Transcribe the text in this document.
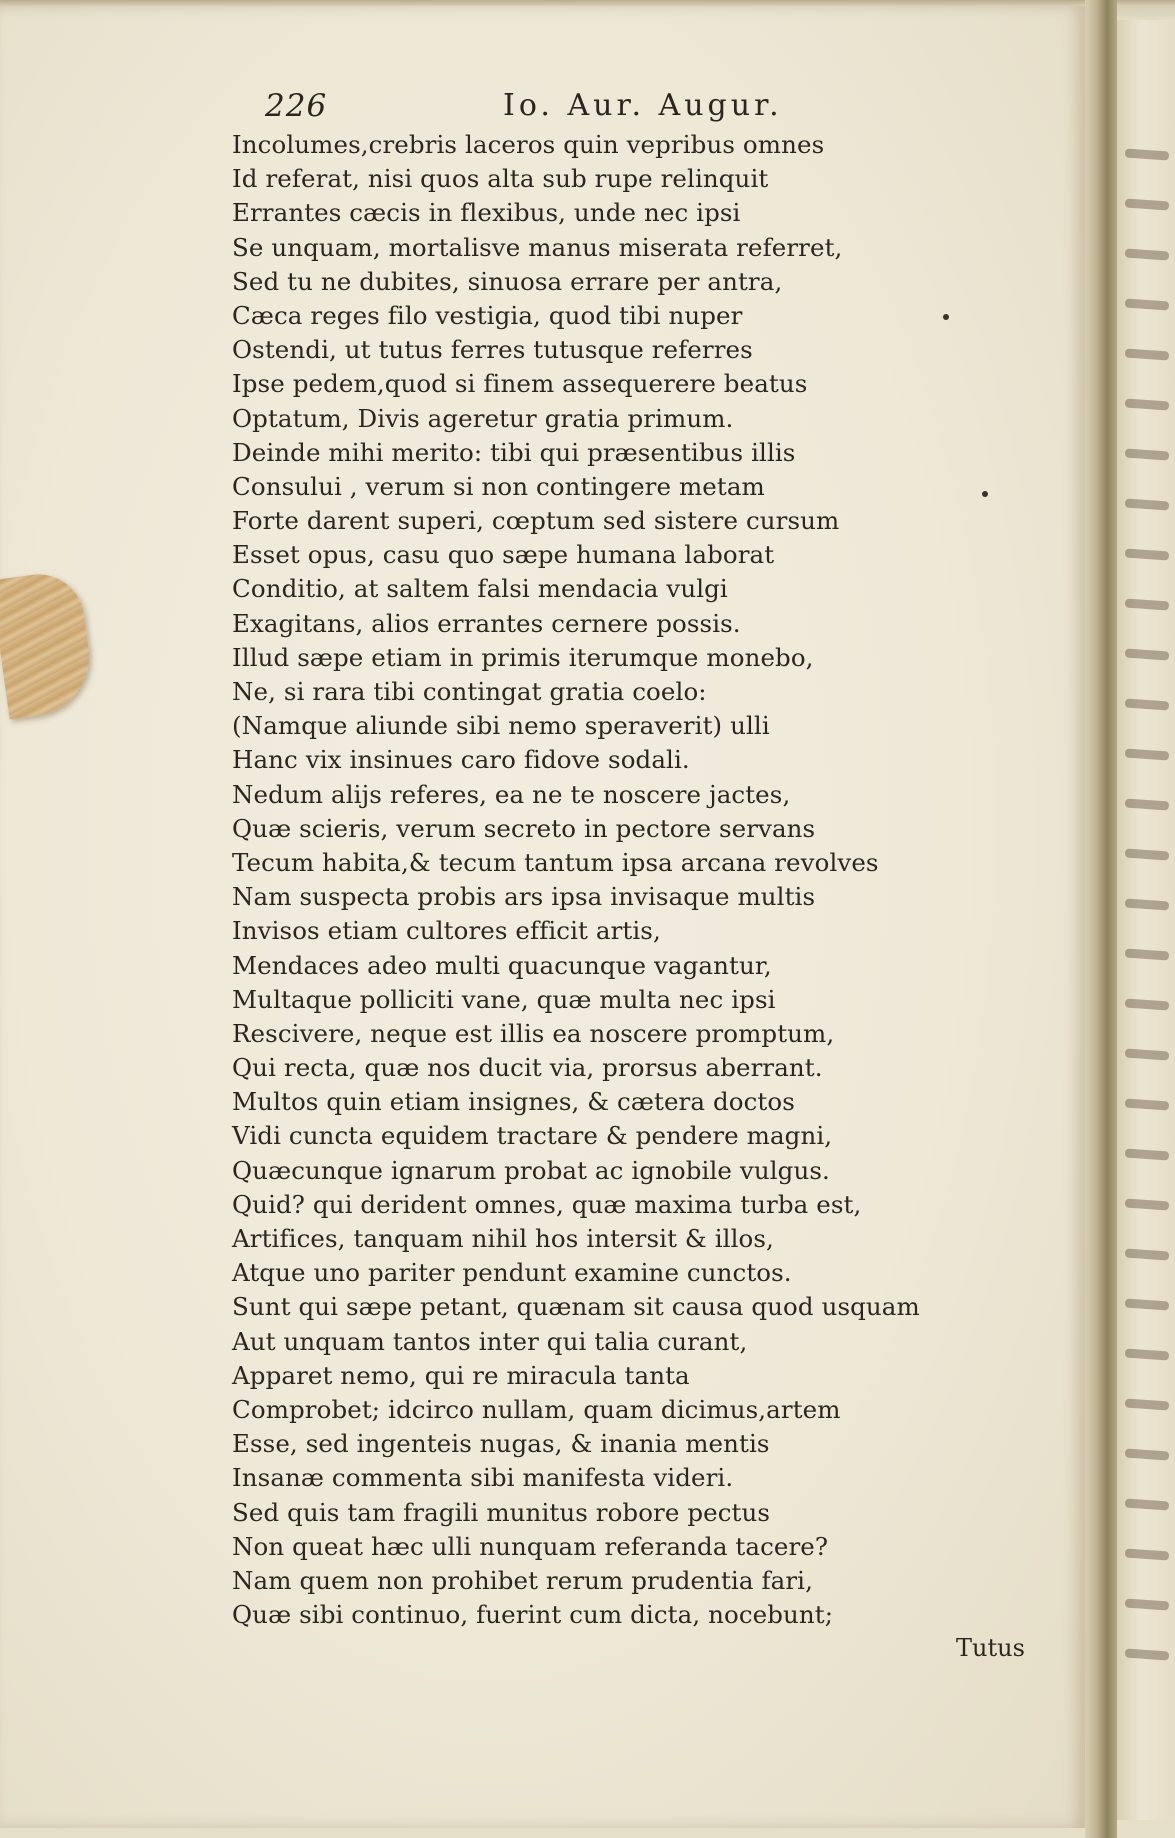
226	Io. Aur. Augur.
Incolumes,crebris laceros quin vepribus omnes
Id referat, nisi quos alta sub rupe relinquit
Errantes cæcis in flexibus, unde nec ipsi
Se unquam, mortalisve manus miserata referret,
Sed tu ne dubites, sinuosa errare per antra,
Cæca reges filo vestigia, quod tibi nuper
Ostendi, ut tutus ferres tutusque referres
Ipse pedem,quod si finem assequerere beatus
Optatum, Divis ageretur gratia primum.
Deinde mihi merito: tibi qui præsentibus illis
Consului , verum si non contingere metam
Forte darent superi, cœptum sed sistere cursum
Esset opus, casu quo sæpe humana laborat
Conditio, at saltem falsi mendacia vulgi
Exagitans, alios errantes cernere possis.
Illud sæpe etiam in primis iterumque monebo,
Ne, si rara tibi contingat gratia coelo:
(Namque aliunde sibi nemo speraverit) ulli
Hanc vix insinues caro fidove sodali.
Nedum alijs referes, ea ne te noscere jactes,
Quæ scieris, verum secreto in pectore servans
Tecum habita,& tecum tantum ipsa arcana revolves
Nam suspecta probis ars ipsa invisaque multis
Invisos etiam cultores efficit artis,
Mendaces adeo multi quacunque vagantur,
Multaque polliciti vane, quæ multa nec ipsi
Rescivere, neque est illis ea noscere promptum,
Qui recta, quæ nos ducit via, prorsus aberrant.
Multos quin etiam insignes, & cætera doctos
Vidi cuncta equidem tractare & pendere magni,
Quæcunque ignarum probat ac ignobile vulgus.
Quid? qui derident omnes, quæ maxima turba est,
Artifices, tanquam nihil hos intersit & illos,
Atque uno pariter pendunt examine cunctos.
Sunt qui sæpe petant, quænam sit causa quod usquam
Aut unquam tantos inter qui talia curant,
Apparet nemo, qui re miracula tanta
Comprobet; idcirco nullam, quam dicimus,artem
Esse, sed ingenteis nugas, & inania mentis
Insanæ commenta sibi manifesta videri.
Sed quis tam fragili munitus robore pectus
Non queat hæc ulli nunquam referanda tacere?
Nam quem non prohibet rerum prudentia fari,
Quæ sibi continuo, fuerint cum dicta, nocebunt;
Tutus
